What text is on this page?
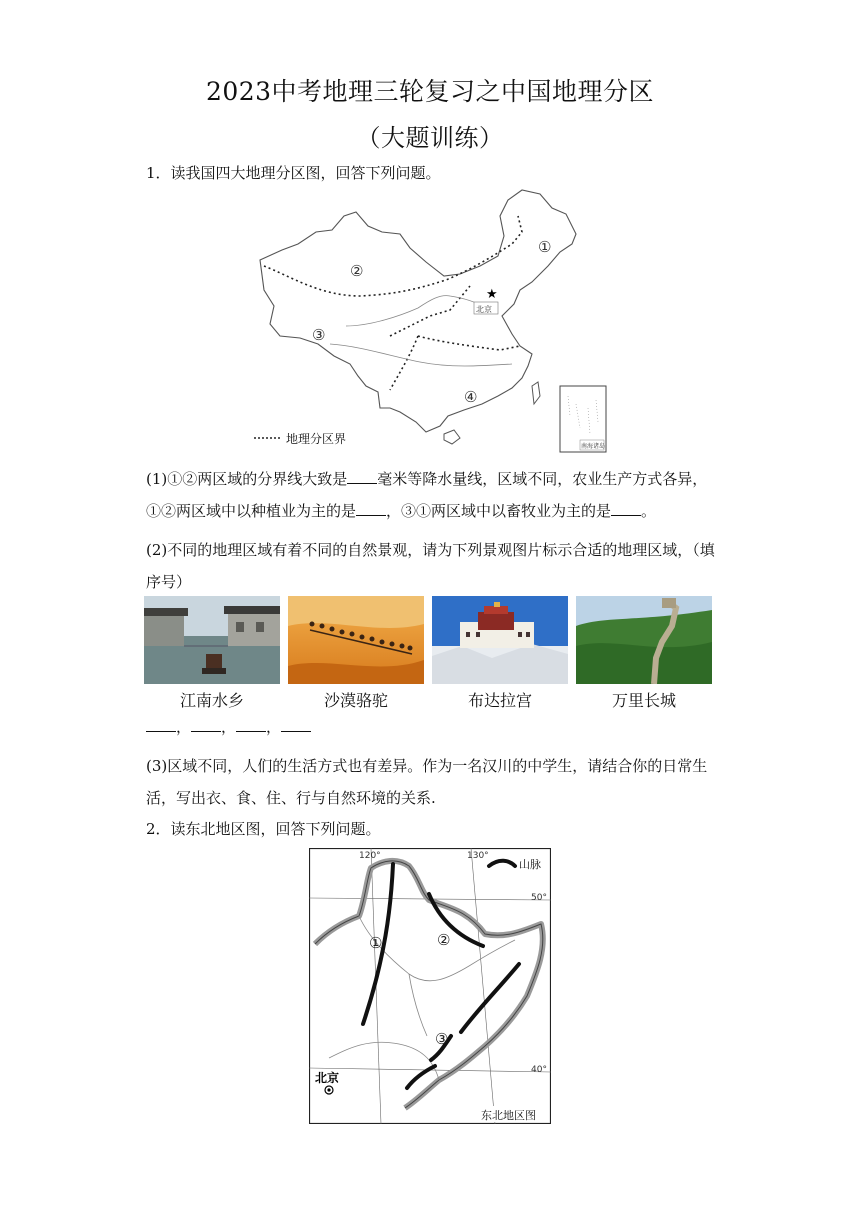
2023中考地理三轮复习之中国地理分区
（大题训练）
1．读我国四大地理分区图，回答下列问题。
★
北京
①
②
③
④
南海诸岛
地理分区界
(1)①②两区域的分界线大致是 毫米等降水量线，区域不同，农业生产方式各异，
①②两区域中以种植业为主的是 ，③①两区域中以畜牧业为主的是 。
(2)不同的地理区域有着不同的自然景观，请为下列景观图片标示合适的地理区域，（填序号）
江南水乡	沙漠骆驼	布达拉宫	万里长城
， ， ，
(3)区域不同，人们的生活方式也有差异。作为一名汉川的中学生，请结合你的日常生活，写出衣、食、住、行与自然环境的关系.
2．读东北地区图，回答下列问题。
120°	130°
50°
40°
山脉
①	②
③
北京
东北地区图
